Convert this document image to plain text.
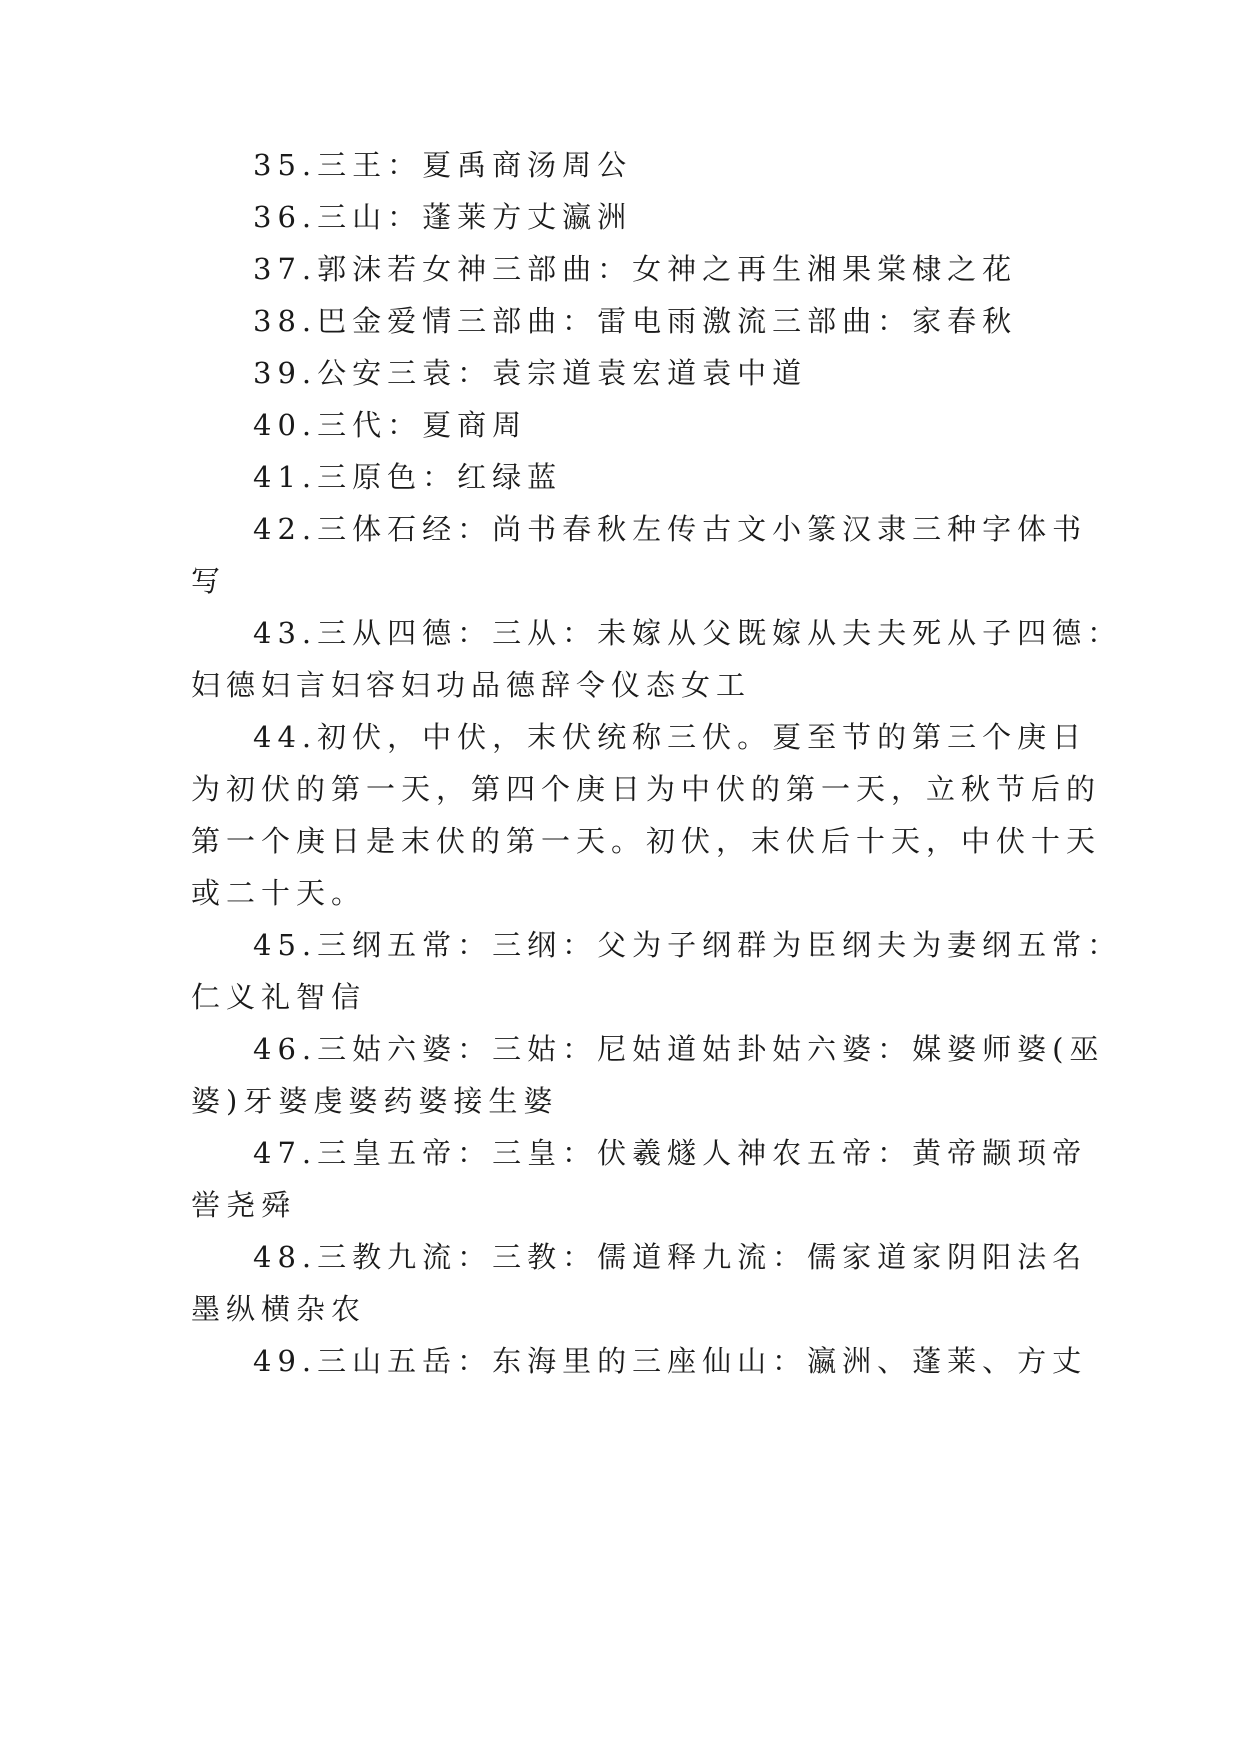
35.三王：夏禹商汤周公
36.三山：蓬莱方丈瀛洲
37.郭沫若女神三部曲：女神之再生湘果棠棣之花
38.巴金爱情三部曲：雷电雨激流三部曲：家春秋
39.公安三袁：袁宗道袁宏道袁中道
40.三代：夏商周
41.三原色：红绿蓝
42.三体石经：尚书春秋左传古文小篆汉隶三种字体书
写
43.三从四德：三从：未嫁从父既嫁从夫夫死从子四德：
妇德妇言妇容妇功品德辞令仪态女工
44.初伏，中伏，末伏统称三伏。夏至节的第三个庚日
为初伏的第一天，第四个庚日为中伏的第一天，立秋节后的
第一个庚日是末伏的第一天。初伏，末伏后十天，中伏十天
或二十天。
45.三纲五常：三纲：父为子纲群为臣纲夫为妻纲五常：
仁义礼智信
46.三姑六婆：三姑：尼姑道姑卦姑六婆：媒婆师婆(巫
婆)牙婆虔婆药婆接生婆
47.三皇五帝：三皇：伏羲燧人神农五帝：黄帝颛顼帝
喾尧舜
48.三教九流：三教：儒道释九流：儒家道家阴阳法名
墨纵横杂农
49.三山五岳：东海里的三座仙山：瀛洲、蓬莱、方丈
